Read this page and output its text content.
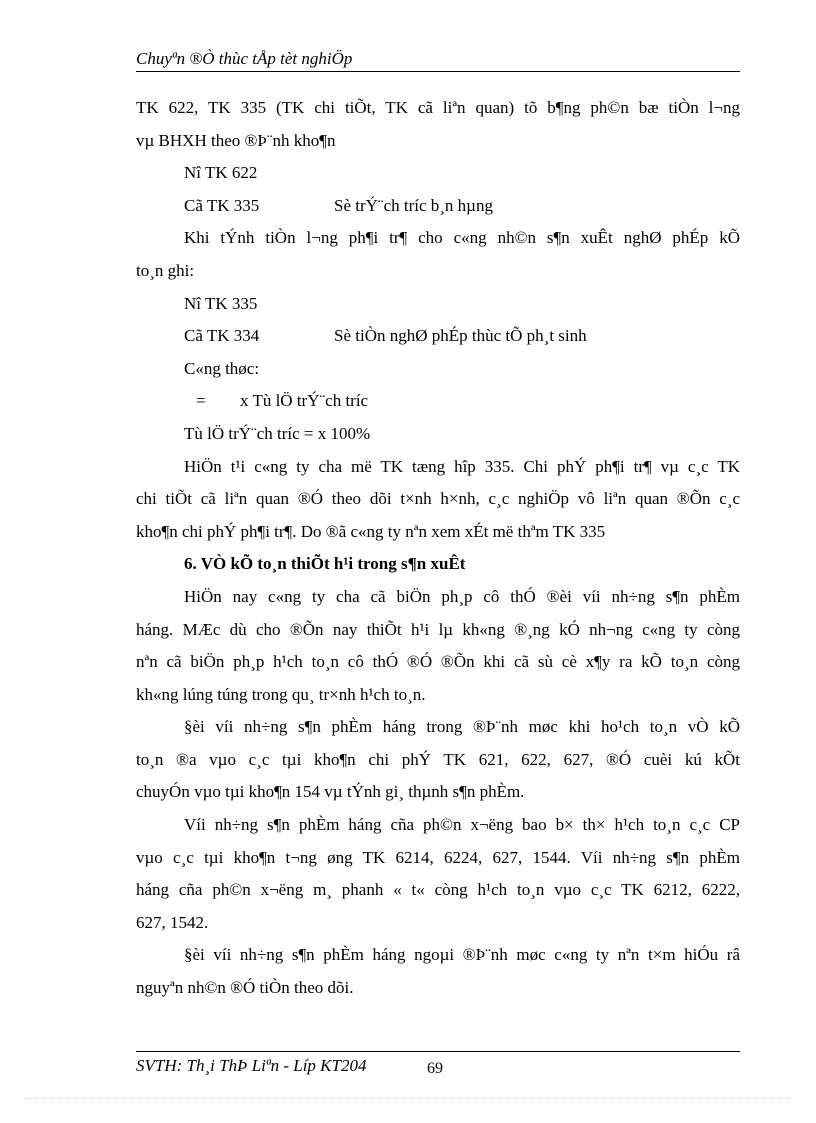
Chuyªn ®Ò thùc tÅp tèt nghiÖp
TK 622, TK 335 (TK chi tiÕt, TK cã liªn quan) tõ b¶ng ph©n bæ tiÒn l¬ng
vµ BHXH theo ®Þ¨nh kho¶n
Nî TK 622
Cã TK 335	Sè trÝ¨ch tríc b¸n hµng
Khi tÝnh tiÒn l¬ng ph¶i tr¶ cho c«ng nh©n s¶n xuÊt nghØ phÉp kÕ
to¸n ghi:
Nî TK 335
Cã TK 334	Sè tiÒn nghØ phÉp thùc tÕ ph¸t sinh
C«ng thøc:
= x Tù lÖ trÝ¨ch tríc
Tù lÖ trÝ¨ch tríc = x 100%
HiÖn t¹i c«ng ty cha më TK tæng hîp 335. Chi phÝ ph¶i tr¶ vµ c¸c TK
chi tiÕt cã liªn quan ®Ó theo dõi t×nh h×nh, c¸c nghiÖp vô liªn quan ®Õn c¸c
kho¶n chi phÝ ph¶i tr¶. Do ®ã c«ng ty nªn xem xÉt më thªm TK 335
6. VÒ kÕ to¸n thiÕt h¹i trong s¶n xuÊt
HiÖn nay c«ng ty cha cã biÖn ph¸p cô thÓ ®èi víi nh÷ng s¶n phÈm
háng. MÆc dù cho ®Õn nay thiÕt h¹i lµ kh«ng ®¸ng kÓ nh¬ng c«ng ty còng
nªn cã biÖn ph¸p h¹ch to¸n cô thÓ ®Ó ®Õn khi cã sù cè x¶y ra kÕ to¸n còng
kh«ng lúng túng trong qu¸ tr×nh h¹ch to¸n.
§èi víi nh÷ng s¶n phÈm háng trong ®Þ¨nh møc khi ho¹ch to¸n vÒ kÕ
to¸n ®a vµo c¸c tµi kho¶n chi phÝ TK 621, 622, 627, ®Ó cuèi kú kÕt
chuyÓn vµo tµi kho¶n 154 vµ tÝnh gi¸ thµnh s¶n phÈm.
Víi nh÷ng s¶n phÈm háng cña ph©n x¬ëng bao b× th× h¹ch to¸n c¸c CP
vµo c¸c tµi kho¶n t¬ng øng TK 6214, 6224, 627, 1544. Víi nh÷ng s¶n phÈm
háng cña ph©n x¬ëng m¸ phanh « t« còng h¹ch to¸n vµo c¸c TK 6212, 6222,
627, 1542.
§èi víi nh÷ng s¶n phÈm háng ngoµi ®Þ¨nh møc c«ng ty nªn t×m hiÓu râ
nguyªn nh©n ®Ó tiÒn theo dõi.
SVTH: Th¸i ThÞ Liªn - Líp KT204	69
